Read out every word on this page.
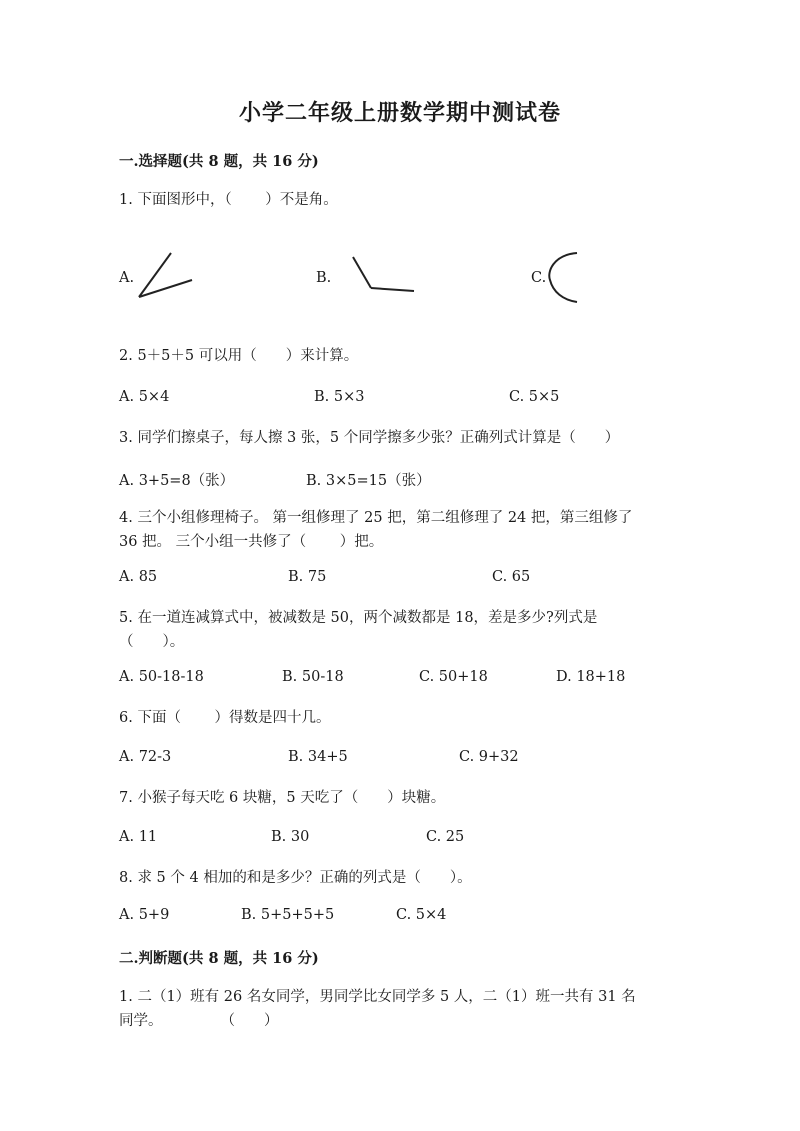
小学二年级上册数学期中测试卷
一.选择题(共 8 题，共 16 分)
1. 下面图形中，（　　 ）不是角。
A.	B.	C.
2. 5＋5＋5 可以用（　　）来计算。
A. 5×4	B. 5×3	C. 5×5
3. 同学们擦桌子，每人擦 3 张，5 个同学擦多少张？正确列式计算是（　　）
A. 3+5=8（张）	B. 3×5=15（张）
4. 三个小组修理椅子。 第一组修理了 25 把，第二组修理了 24 把，第三组修了
36 把。 三个小组一共修了（　　 ）把。
A. 85	B. 75	C. 65
5. 在一道连减算式中，被减数是 50，两个减数都是 18，差是多少?列式是
（　　）。
A. 50-18-18	B. 50-18	C. 50+18	D. 18+18
6. 下面（　　 ）得数是四十几。
A. 72-3	B. 34+5	C. 9+32
7. 小猴子每天吃 6 块糖，5 天吃了（　　）块糖。
A. 11	B. 30	C. 25
8. 求 5 个 4 相加的和是多少？正确的列式是（　　）。
A. 5+9	B. 5+5+5+5	C. 5×4
二.判断题(共 8 题，共 16 分)
1. 二（1）班有 26 名女同学，男同学比女同学多 5 人，二（1）班一共有 31 名
同学。　　　　　（　　）
